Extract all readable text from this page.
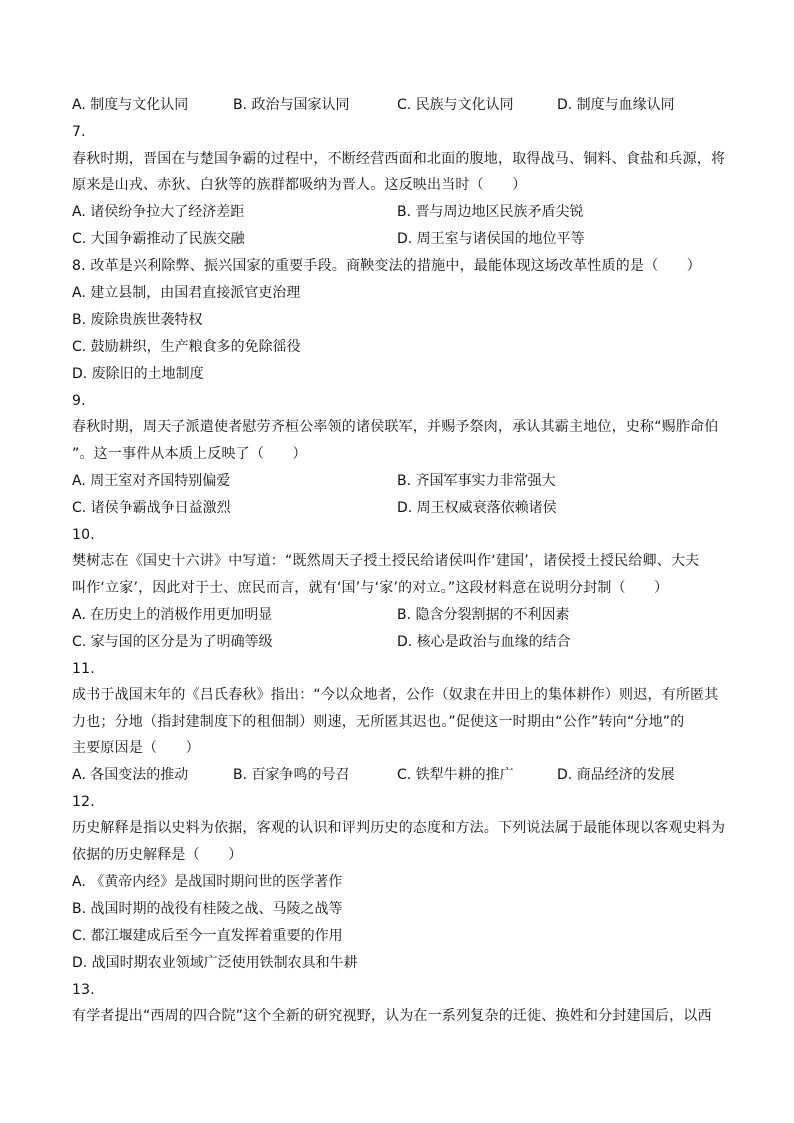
A. 制度与文化认同	B. 政治与国家认同	C. 民族与文化认同	D. 制度与血缘认同
7.
春秋时期，晋国在与楚国争霸的过程中，不断经营西面和北面的腹地，取得战马、铜料、食盐和兵源，将
原来是山戎、赤狄、白狄等的族群都吸纳为晋人。这反映出当时（　　）
A. 诸侯纷争拉大了经济差距	B. 晋与周边地区民族矛盾尖锐
C. 大国争霸推动了民族交融	D. 周王室与诸侯国的地位平等
8. 改革是兴利除弊、振兴国家的重要手段。商鞅变法的措施中，最能体现这场改革性质的是（　　）
A. 建立县制，由国君直接派官吏治理
B. 废除贵族世袭特权
C. 鼓励耕织，生产粮食多的免除徭役
D. 废除旧的土地制度
9.
春秋时期，周天子派遣使者慰劳齐桓公率领的诸侯联军，并赐予祭肉，承认其霸主地位，史称“赐胙命伯
”。这一事件从本质上反映了（　　）
A. 周王室对齐国特别偏爱	B. 齐国军事实力非常强大
C. 诸侯争霸战争日益激烈	D. 周王权威衰落依赖诸侯
10.
樊树志在《国史十六讲》中写道：“既然周天子授土授民给诸侯叫作‘建国’，诸侯授土授民给卿、大夫
叫作‘立家’，因此对于士、庶民而言，就有‘国’与‘家’的对立。”这段材料意在说明分封制（　　）
A. 在历史上的消极作用更加明显	B. 隐含分裂割据的不利因素
C. 家与国的区分是为了明确等级	D. 核心是政治与血缘的结合
11.
成书于战国末年的《吕氏春秋》指出：“今以众地者，公作（奴隶在井田上的集体耕作）则迟，有所匿其
力也；分地（指封建制度下的租佃制）则速，无所匿其迟也。”促使这一时期由“公作”转向“分地”的
主要原因是（　　）
A. 各国变法的推动	B. 百家争鸣的号召	C. 铁犁牛耕的推广	D. 商品经济的发展
12.
历史解释是指以史料为依据，客观的认识和评判历史的态度和方法。下列说法属于最能体现以客观史料为
依据的历史解释是（　　）
A. 《黄帝内经》是战国时期问世的医学著作
B. 战国时期的战役有桂陵之战、马陵之战等
C. 都江堰建成后至今一直发挥着重要的作用
D. 战国时期农业领域广泛使用铁制农具和牛耕
13.
有学者提出“西周的四合院”这个全新的研究视野，认为在一系列复杂的迁徙、换姓和分封建国后，以西
